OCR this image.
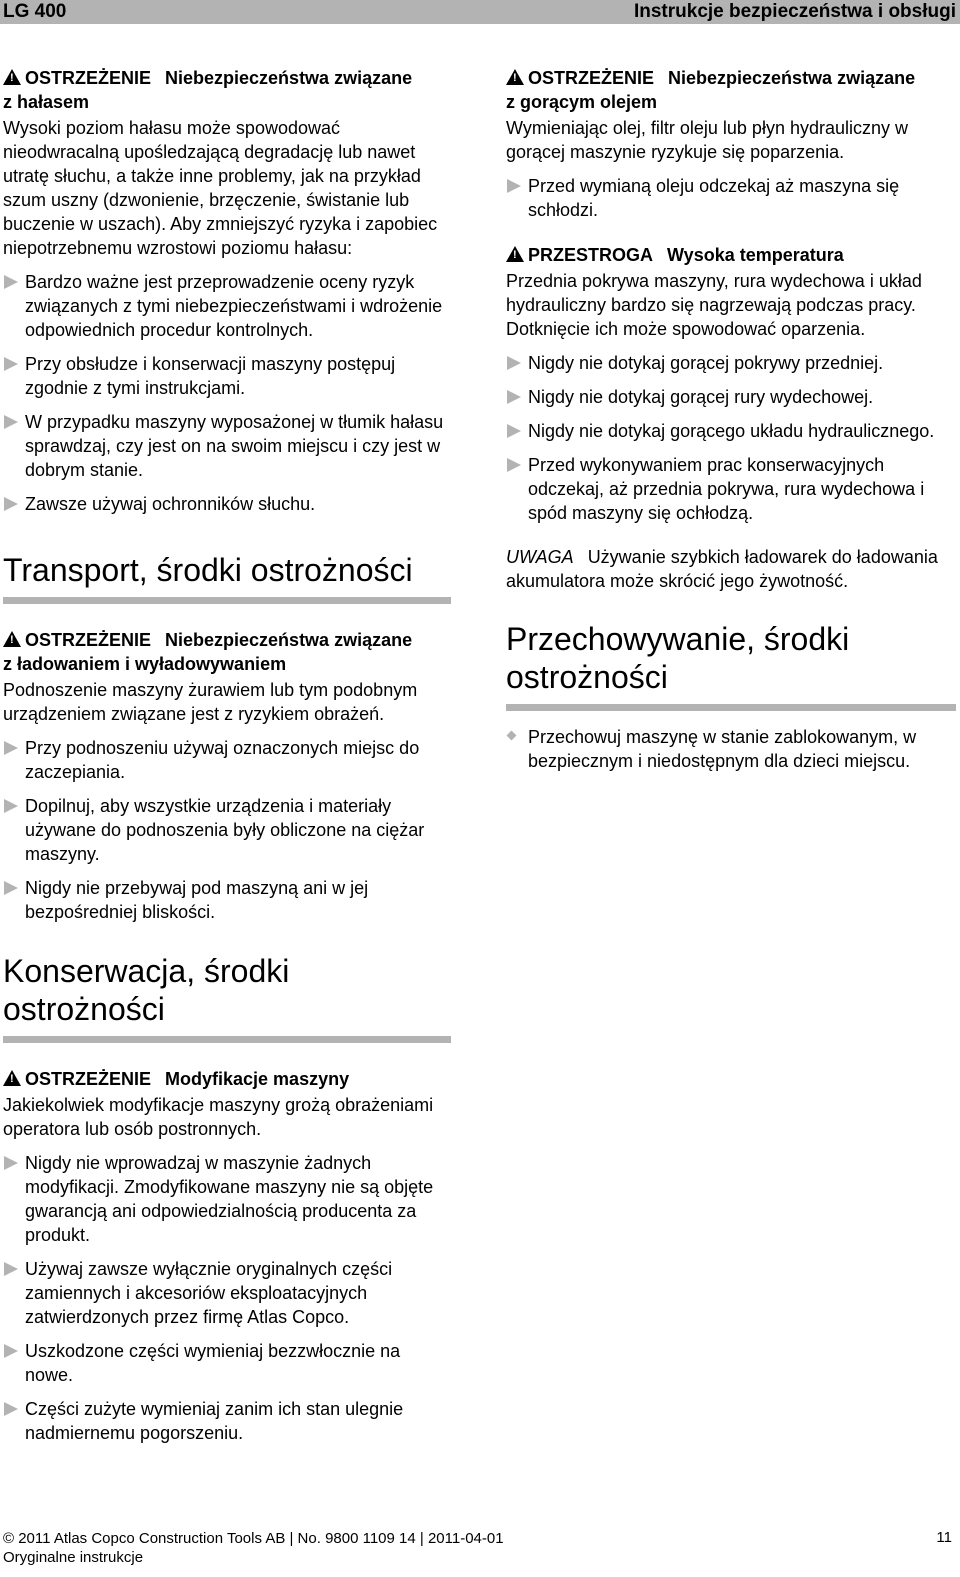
LG 400	Instrukcje bezpieczeństwa i obsługi
!OSTRZEŻENIE Niebezpieczeństwa związane
z hałasem

Wysoki poziom hałasu może spowodować nieodwracalną upośledzającą degradację lub nawet utratę słuchu, a także inne problemy, jak na przykład szum uszny (dzwonienie, brzęczenie, świstanie lub buczenie w uszach). Aby zmniejszyć ryzyka i zapobiec niepotrzebnemu wzrostowi poziomu hałasu:

Bardzo ważne jest przeprowadzenie oceny ryzyk związanych z tymi niebezpieczeństwami i wdrożenie odpowiednich procedur kontrolnych.
Przy obsłudze i konserwacji maszyny postępuj zgodnie z tymi instrukcjami.
W przypadku maszyny wyposażonej w tłumik hałasu sprawdzaj, czy jest on na swoim miejscu i czy jest w dobrym stanie.
Zawsze używaj ochronników słuchu.
Transport, środki ostrożności
!OSTRZEŻENIE Niebezpieczeństwa związane
z ładowaniem i wyładowywaniem

Podnoszenie maszyny żurawiem lub tym podobnym urządzeniem związane jest z ryzykiem obrażeń.

Przy podnoszeniu używaj oznaczonych miejsc do zaczepiania.
Dopilnuj, aby wszystkie urządzenia i materiały używane do podnoszenia były obliczone na ciężar maszyny.
Nigdy nie przebywaj pod maszyną ani w jej bezpośredniej bliskości.
Konserwacja, środki
ostrożności
!OSTRZEŻENIE Modyfikacje maszyny

Jakiekolwiek modyfikacje maszyny grożą obrażeniami operatora lub osób postronnych.

Nigdy nie wprowadzaj w maszynie żadnych modyfikacji. Zmodyfikowane maszyny nie są objęte gwarancją ani odpowiedzialnością producenta za produkt.
Używaj zawsze wyłącznie oryginalnych części zamiennych i akcesoriów eksploatacyjnych zatwierdzonych przez firmę Atlas Copco.
Uszkodzone części wymieniaj bezzwłocznie na nowe.
Części zużyte wymieniaj zanim ich stan ulegnie nadmiernemu pogorszeniu.
!OSTRZEŻENIE Niebezpieczeństwa związane
z gorącym olejem

Wymieniając olej, filtr oleju lub płyn hydrauliczny w gorącej maszynie ryzykuje się poparzenia.

Przed wymianą oleju odczekaj aż maszyna się schłodzi.
!PRZESTROGA Wysoka temperatura

Przednia pokrywa maszyny, rura wydechowa i układ hydrauliczny bardzo się nagrzewają podczas pracy. Dotknięcie ich może spowodować oparzenia.

Nigdy nie dotykaj gorącej pokrywy przedniej.
Nigdy nie dotykaj gorącej rury wydechowej.
Nigdy nie dotykaj gorącego układu hydraulicznego.
Przed wykonywaniem prac konserwacyjnych odczekaj, aż przednia pokrywa, rura wydechowa i spód maszyny się ochłodzą.

UWAGA Używanie szybkich ładowarek do ładowania akumulatora może skrócić jego żywotność.

Przechowywanie, środki
ostrożności
Przechowuj maszynę w stanie zablokowanym, w bezpiecznym i niedostępnym dla dzieci miejscu.
© 2011 Atlas Copco Construction Tools AB | No. 9800 1109 14 | 2011-04-01
Oryginalne instrukcje
11
